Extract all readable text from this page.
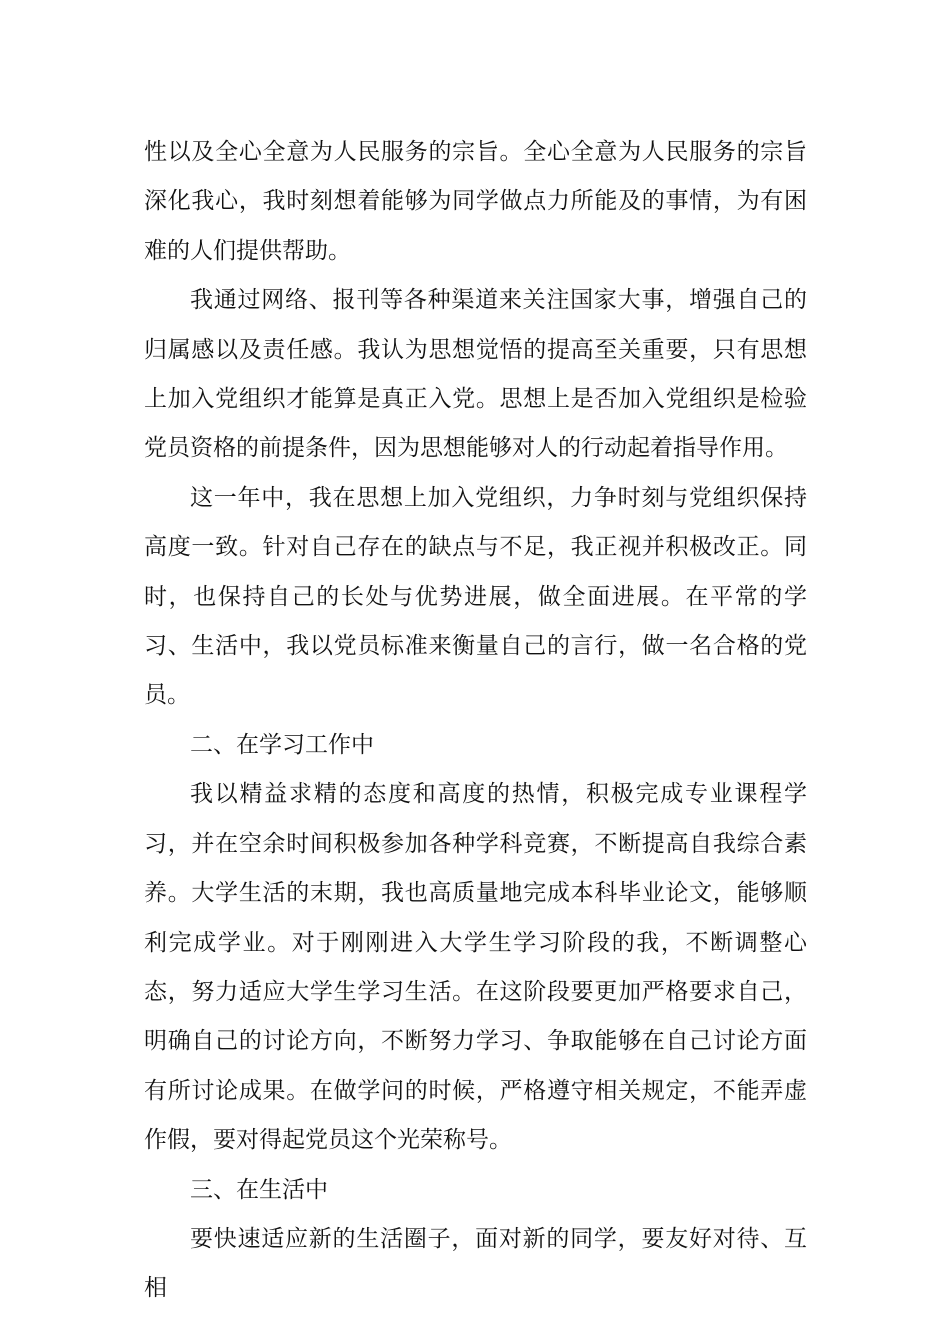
性以及全心全意为人民服务的宗旨。全心全意为人民服务的宗旨深化我心，我时刻想着能够为同学做点力所能及的事情，为有困难的人们提供帮助。

我通过网络、报刊等各种渠道来关注国家大事，增强自己的归属感以及责任感。我认为思想觉悟的提高至关重要，只有思想上加入党组织才能算是真正入党。思想上是否加入党组织是检验党员资格的前提条件，因为思想能够对人的行动起着指导作用。

这一年中，我在思想上加入党组织，力争时刻与党组织保持高度一致。针对自己存在的缺点与不足，我正视并积极改正。同时，也保持自己的长处与优势进展，做全面进展。在平常的学习、生活中，我以党员标准来衡量自己的言行，做一名合格的党员。

二、在学习工作中

我以精益求精的态度和高度的热情，积极完成专业课程学习，并在空余时间积极参加各种学科竞赛，不断提高自我综合素养。大学生活的末期，我也高质量地完成本科毕业论文，能够顺利完成学业。对于刚刚进入大学生学习阶段的我，不断调整心态，努力适应大学生学习生活。在这阶段要更加严格要求自己，明确自己的讨论方向，不断努力学习、争取能够在自己讨论方面有所讨论成果。在做学问的时候，严格遵守相关规定，不能弄虚作假，要对得起党员这个光荣称号。

三、在生活中

要快速适应新的生活圈子，面对新的同学，要友好对待、互相
